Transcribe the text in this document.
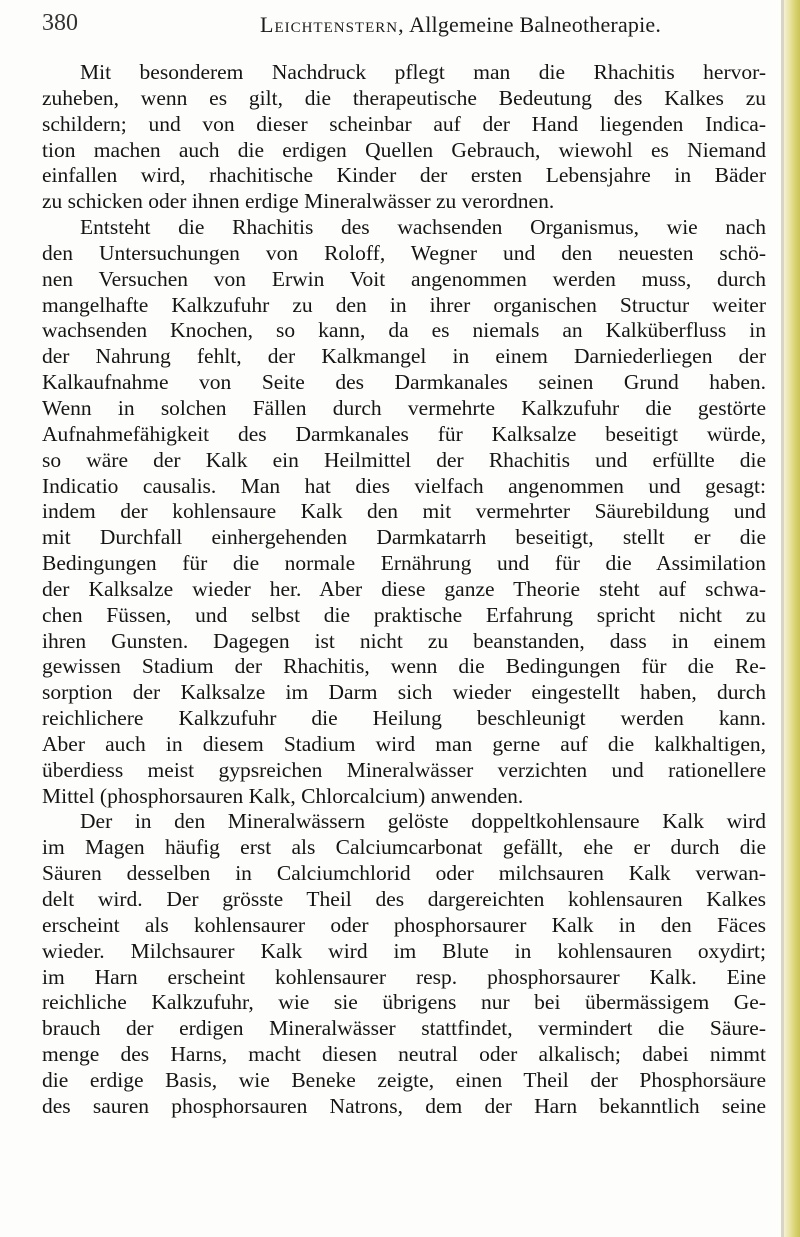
380	Leichtenstern, Allgemeine Balneotherapie.
Mit besonderem Nachdruck pflegt man die Rhachitis hervor-
zuheben, wenn es gilt, die therapeutische Bedeutung des Kalkes zu
schildern; und von dieser scheinbar auf der Hand liegenden Indica-
tion machen auch die erdigen Quellen Gebrauch, wiewohl es Niemand
einfallen wird, rhachitische Kinder der ersten Lebensjahre in Bäder
zu schicken oder ihnen erdige Mineralwässer zu verordnen.
Entsteht die Rhachitis des wachsenden Organismus, wie nach
den Untersuchungen von Roloff, Wegner und den neuesten schö-
nen Versuchen von Erwin Voit angenommen werden muss, durch
mangelhafte Kalkzufuhr zu den in ihrer organischen Structur weiter
wachsenden Knochen, so kann, da es niemals an Kalküberfluss in
der Nahrung fehlt, der Kalkmangel in einem Darniederliegen der
Kalkaufnahme von Seite des Darmkanales seinen Grund haben.
Wenn in solchen Fällen durch vermehrte Kalkzufuhr die gestörte
Aufnahmefähigkeit des Darmkanales für Kalksalze beseitigt würde,
so wäre der Kalk ein Heilmittel der Rhachitis und erfüllte die
Indicatio causalis. Man hat dies vielfach angenommen und gesagt:
indem der kohlensaure Kalk den mit vermehrter Säurebildung und
mit Durchfall einhergehenden Darmkatarrh beseitigt, stellt er die
Bedingungen für die normale Ernährung und für die Assimilation
der Kalksalze wieder her. Aber diese ganze Theorie steht auf schwa-
chen Füssen, und selbst die praktische Erfahrung spricht nicht zu
ihren Gunsten. Dagegen ist nicht zu beanstanden, dass in einem
gewissen Stadium der Rhachitis, wenn die Bedingungen für die Re-
sorption der Kalksalze im Darm sich wieder eingestellt haben, durch
reichlichere Kalkzufuhr die Heilung beschleunigt werden kann.
Aber auch in diesem Stadium wird man gerne auf die kalkhaltigen,
überdiess meist gypsreichen Mineralwässer verzichten und rationellere
Mittel (phosphorsauren Kalk, Chlorcalcium) anwenden.
Der in den Mineralwässern gelöste doppeltkohlensaure Kalk wird
im Magen häufig erst als Calciumcarbonat gefällt, ehe er durch die
Säuren desselben in Calciumchlorid oder milchsauren Kalk verwan-
delt wird. Der grösste Theil des dargereichten kohlensauren Kalkes
erscheint als kohlensaurer oder phosphorsaurer Kalk in den Fäces
wieder. Milchsaurer Kalk wird im Blute in kohlensauren oxydirt;
im Harn erscheint kohlensaurer resp. phosphorsaurer Kalk. Eine
reichliche Kalkzufuhr, wie sie übrigens nur bei übermässigem Ge-
brauch der erdigen Mineralwässer stattfindet, vermindert die Säure-
menge des Harns, macht diesen neutral oder alkalisch; dabei nimmt
die erdige Basis, wie Beneke zeigte, einen Theil der Phosphorsäure
des sauren phosphorsauren Natrons, dem der Harn bekanntlich seine
